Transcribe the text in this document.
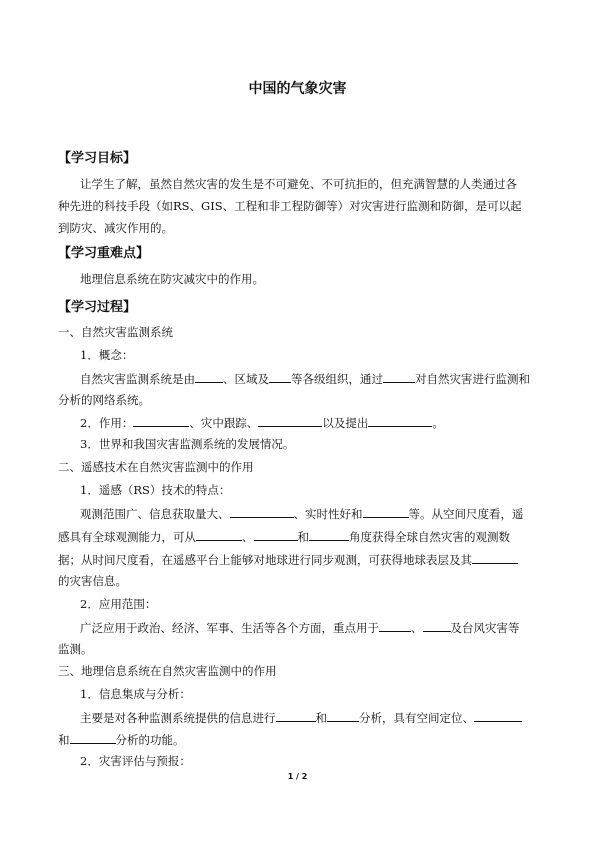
中国的气象灾害
【学习目标】
让学生了解，虽然自然灾害的发生是不可避免、不可抗拒的，但充满智慧的人类通过各
种先进的科技手段（如RS、GIS、工程和非工程防御等）对灾害进行监测和防御，是可以起
到防灾、减灾作用的。
【学习重难点】
地理信息系统在防灾减灾中的作用。
【学习过程】
一、自然灾害监测系统
1．概念：
自然灾害监测系统是由 、区域及 等各级组织，通过	对自然灾害进行监测和
分析的网络系统。
2．作用：	、灾中跟踪、	以及提出	。
3．世界和我国灾害监测系统的发展情况。
二、遥感技术在自然灾害监测中的作用
1．遥感（RS）技术的特点：
观测范围广、信息获取量大、	、实时性好和	等。从空间尺度看，遥
感具有全球观测能力，可从	、	和	角度获得全球自然灾害的观测数
据；从时间尺度看，在遥感平台上能够对地球进行同步观测，可获得地球表层及其
的灾害信息。
2．应用范围：
广泛应用于政治、经济、军事、生活等各个方面，重点用于	、 及台风灾害等
监测。
三、地理信息系统在自然灾害监测中的作用
1．信息集成与分析：
主要是对各种监测系统提供的信息进行	和	分析，具有空间定位、
和	分析的功能。
2．灾害评估与预报：
1 / 2
